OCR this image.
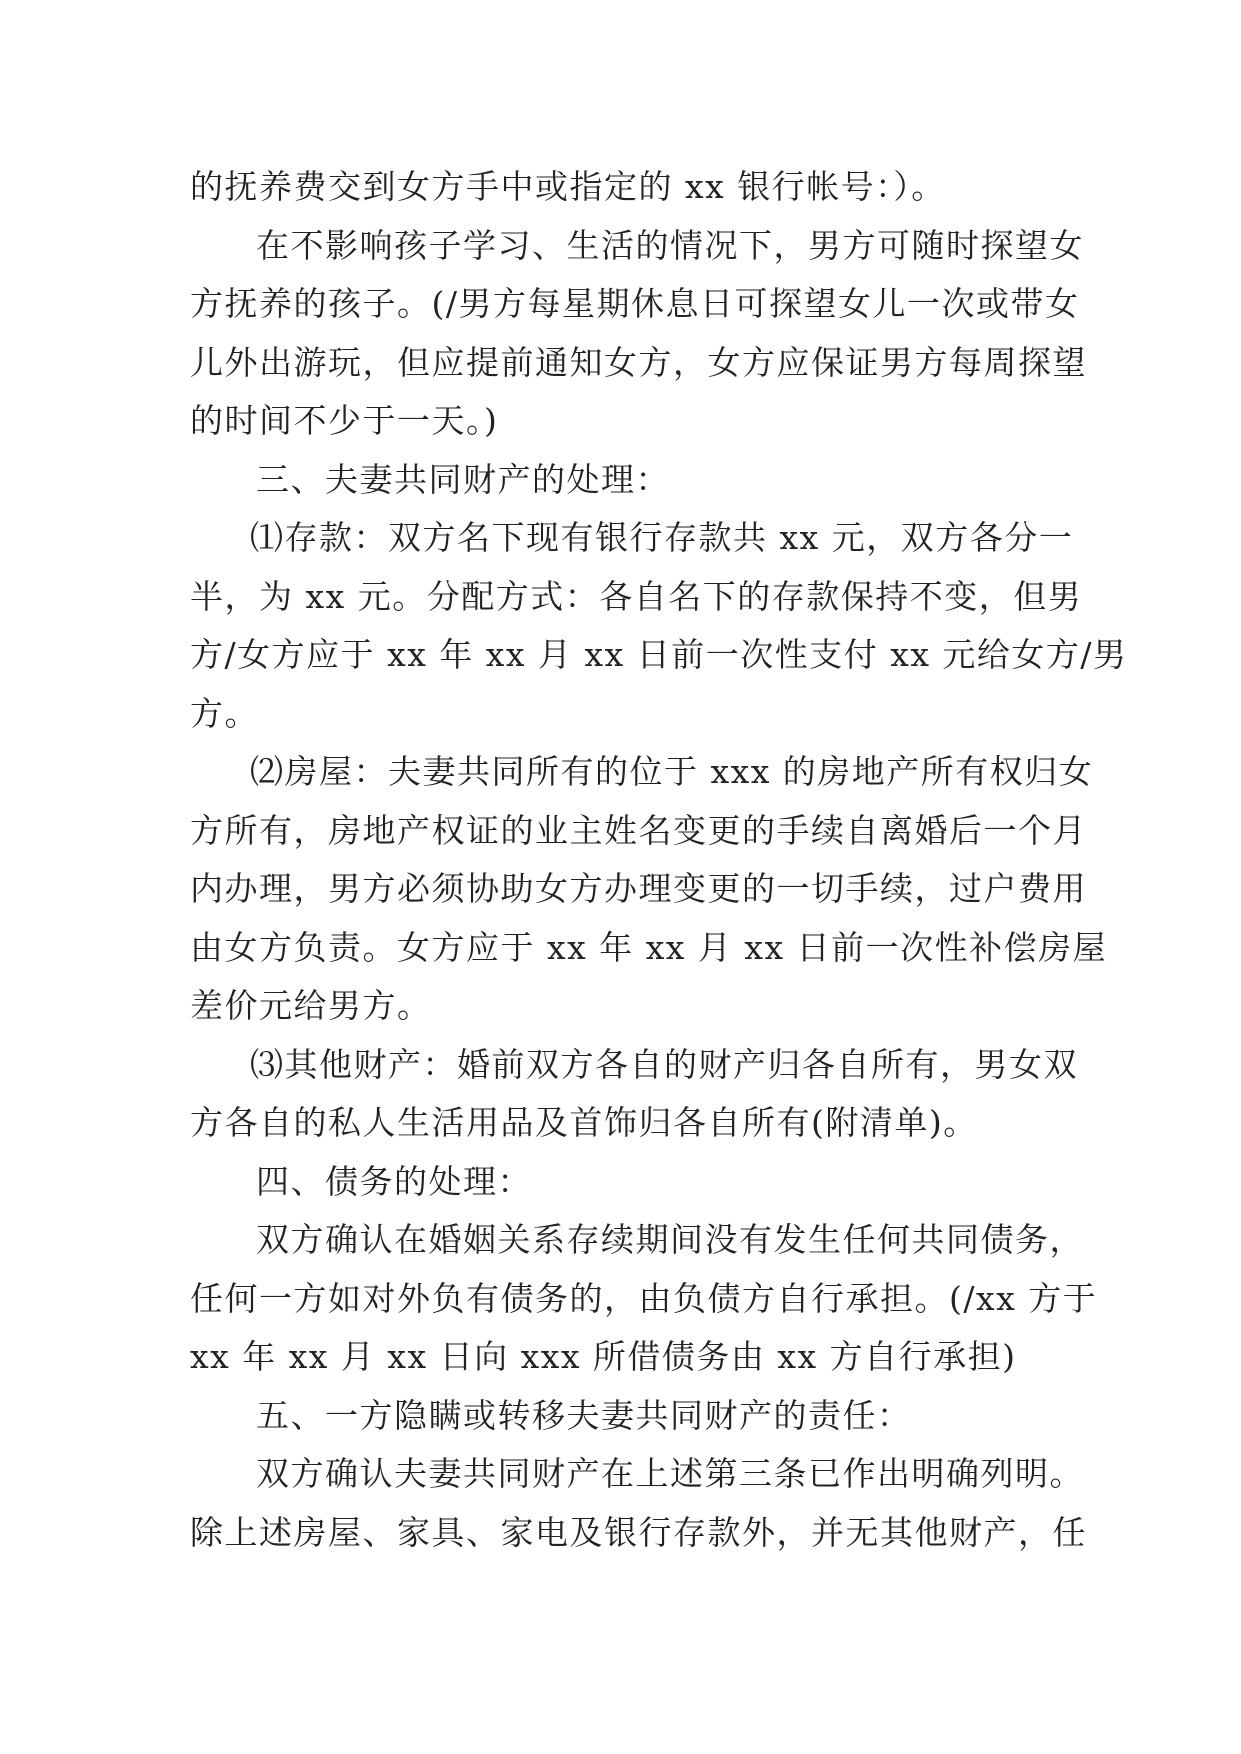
的抚养费交到女方手中或指定的 xx 银行帐号：）。
在不影响孩子学习、生活的情况下，男方可随时探望女
方抚养的孩子。(/男方每星期休息日可探望女儿一次或带女
儿外出游玩，但应提前通知女方，女方应保证男方每周探望
的时间不少于一天。)
三、夫妻共同财产的处理：
⑴存款：双方名下现有银行存款共 xx 元，双方各分一
半，为 xx 元。分配方式：各自名下的存款保持不变，但男
方/女方应于 xx 年 xx 月 xx 日前一次性支付 xx 元给女方/男
方。
⑵房屋：夫妻共同所有的位于 xxx 的房地产所有权归女
方所有，房地产权证的业主姓名变更的手续自离婚后一个月
内办理，男方必须协助女方办理变更的一切手续，过户费用
由女方负责。女方应于 xx 年 xx 月 xx 日前一次性补偿房屋
差价元给男方。
⑶其他财产：婚前双方各自的财产归各自所有，男女双
方各自的私人生活用品及首饰归各自所有(附清单)。
四、债务的处理：
双方确认在婚姻关系存续期间没有发生任何共同债务，
任何一方如对外负有债务的，由负债方自行承担。(/xx 方于
xx 年 xx 月 xx 日向 xxx 所借债务由 xx 方自行承担)
五、一方隐瞒或转移夫妻共同财产的责任：
双方确认夫妻共同财产在上述第三条已作出明确列明。
除上述房屋、家具、家电及银行存款外，并无其他财产，任
